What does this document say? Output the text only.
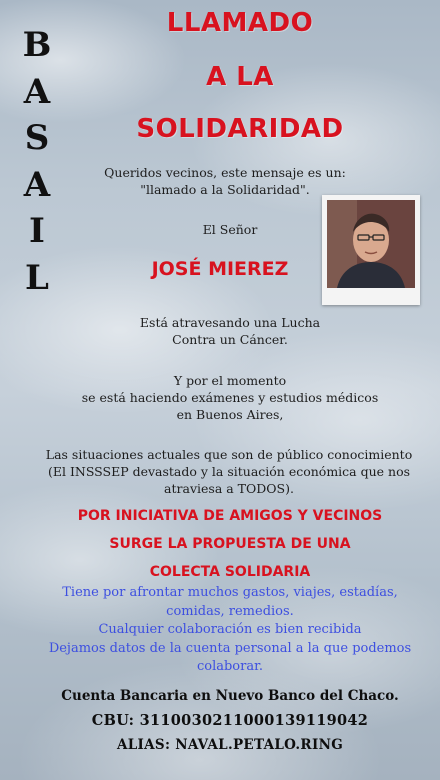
B
A
S
A
I
L
LLAMADO
A LA
SOLIDARIDAD
Queridos vecinos, este mensaje es un:
"llamado a la Solidaridad".
El Señor
JOSÉ MIEREZ
Está atravesando una Lucha
Contra un Cáncer.
Y por el momento
se está haciendo exámenes y estudios médicos
en Buenos Aires,
Las situaciones actuales que son de público conocimiento
(El INSSSEP devastado y la situación económica que nos
atraviesa a TODOS).
POR INICIATIVA DE AMIGOS Y VECINOS
SURGE LA PROPUESTA DE UNA
COLECTA SOLIDARIA
Tiene por afrontar muchos gastos, viajes, estadías,
comidas, remedios.
Cualquier colaboración es bien recibida
Dejamos datos de la cuenta personal a la que podemos
colaborar.
Cuenta Bancaria en Nuevo Banco del Chaco.
CBU: 3110030211000139119042
ALIAS: NAVAL.PETALO.RING
